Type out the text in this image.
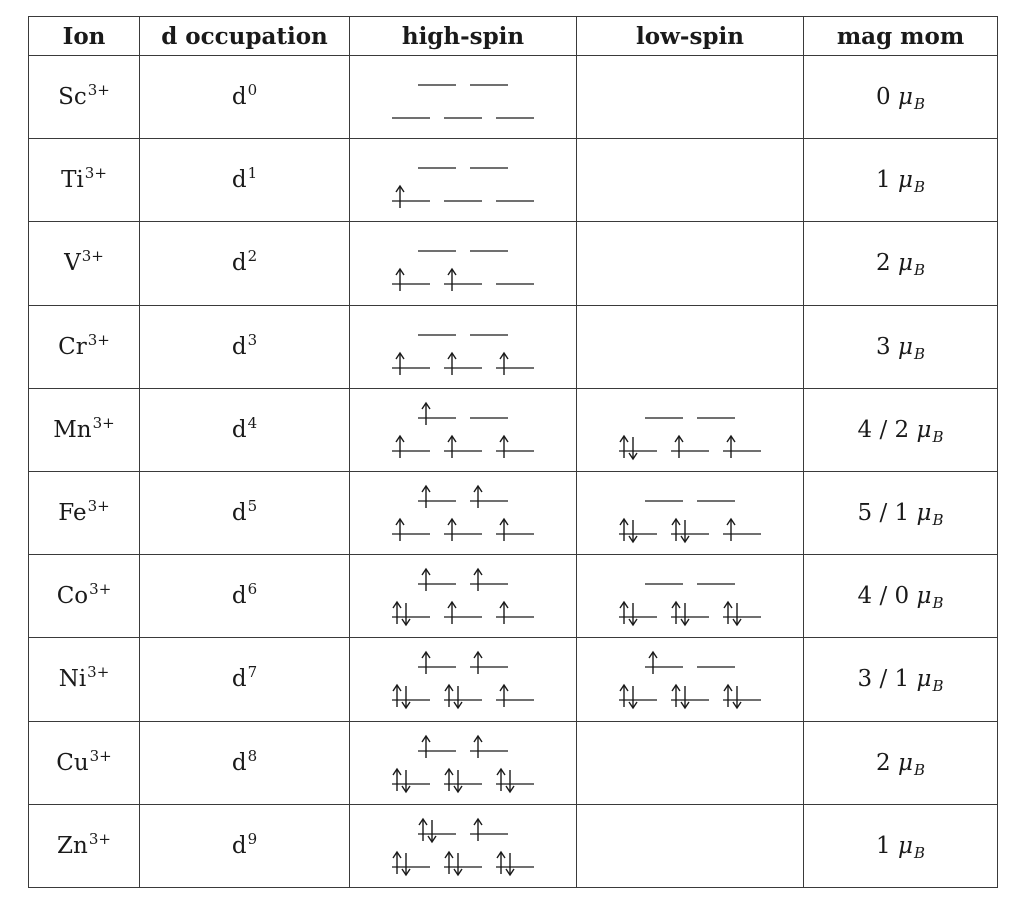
Ion	d occupation	high-spin	low-spin	mag mom
$Sc^{3+}$	$d^0$			0 $\mu_B$
$Ti^{3+}$	$d^1$			1 $\mu_B$
$V^{3+}$	$d^2$			2 $\mu_B$
$Cr^{3+}$	$d^3$			3 $\mu_B$
$Mn^{3+}$	$d^4$			4 / 2 $\mu_B$
$Fe^{3+}$	$d^5$			5 / 1 $\mu_B$
$Co^{3+}$	$d^6$			4 / 0 $\mu_B$
$Ni^{3+}$	$d^7$			3 / 1 $\mu_B$
$Cu^{3+}$	$d^8$			2 $\mu_B$
$Zn^{3+}$	$d^9$			1 $\mu_B$
